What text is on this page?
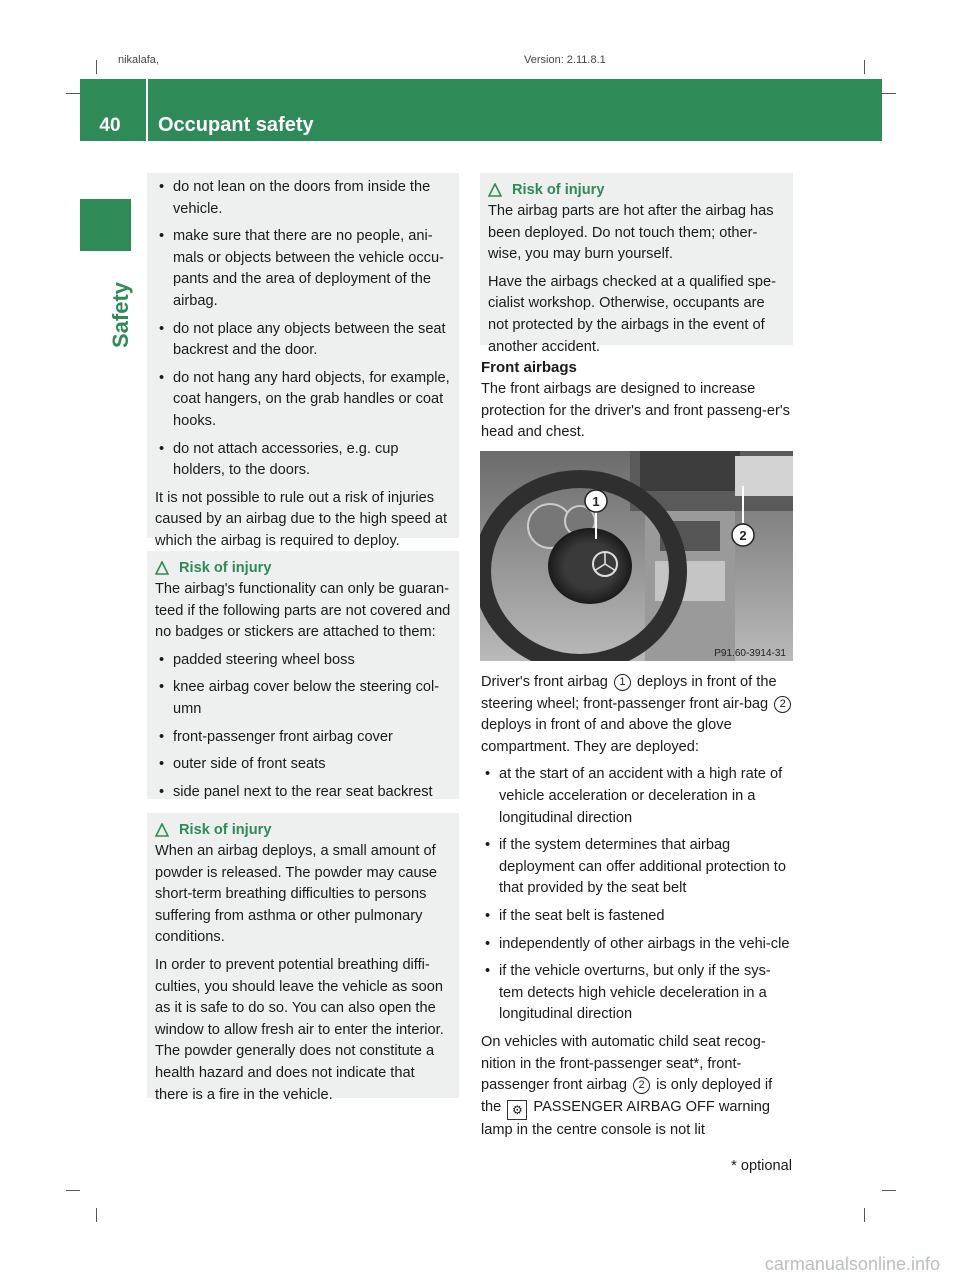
nikalafa,	Version: 2.11.8.1
40	Occupant safety
Safety
• do not lean on the doors from inside the vehicle.
• make sure that there are no people, ani-mals or objects between the vehicle occu-pants and the area of deployment of the airbag.
• do not place any objects between the seat backrest and the door.
• do not hang any hard objects, for example, coat hangers, on the grab handles or coat hooks.
• do not attach accessories, e.g. cup holders, to the doors.

It is not possible to rule out a risk of injuries caused by an airbag due to the high speed at which the airbag is required to deploy.

Risk of injury

The airbag's functionality can only be guaran-teed if the following parts are not covered and no badges or stickers are attached to them:

• padded steering wheel boss
• knee airbag cover below the steering col-umn
• front-passenger front airbag cover
• outer side of front seats
• side panel next to the rear seat backrest
Risk of injury

When an airbag deploys, a small amount of powder is released. The powder may cause short-term breathing difficulties to persons suffering from asthma or other pulmonary conditions.

In order to prevent potential breathing diffi-culties, you should leave the vehicle as soon as it is safe to do so. You can also open the window to allow fresh air to enter the interior. The powder generally does not constitute a health hazard and does not indicate that there is a fire in the vehicle.

Risk of injury

The airbag parts are hot after the airbag has been deployed. Do not touch them; other-wise, you may burn yourself.

Have the airbags checked at a qualified spe-cialist workshop. Otherwise, occupants are not protected by the airbags in the event of another accident.

Front airbags

The front airbags are designed to increase protection for the driver's and front passeng-er's head and chest.

1
2
P91.60-3914-31

Driver's front airbag 1 deploys in front of the steering wheel; front-passenger front air-bag 2 deploys in front of and above the glove compartment. They are deployed:

• at the start of an accident with a high rate of vehicle acceleration or deceleration in a longitudinal direction
• if the system determines that airbag deployment can offer additional protection to that provided by the seat belt
• if the seat belt is fastened
• independently of other airbags in the vehi-cle
• if the vehicle overturns, but only if the sys-tem detects high vehicle deceleration in a longitudinal direction

On vehicles with automatic child seat recog-nition in the front-passenger seat*, front-passenger front airbag 2 is only deployed if the ⚙ PASSENGER AIRBAG OFF warning lamp in the centre console is not lit

* optional
carmanualsonline.info
